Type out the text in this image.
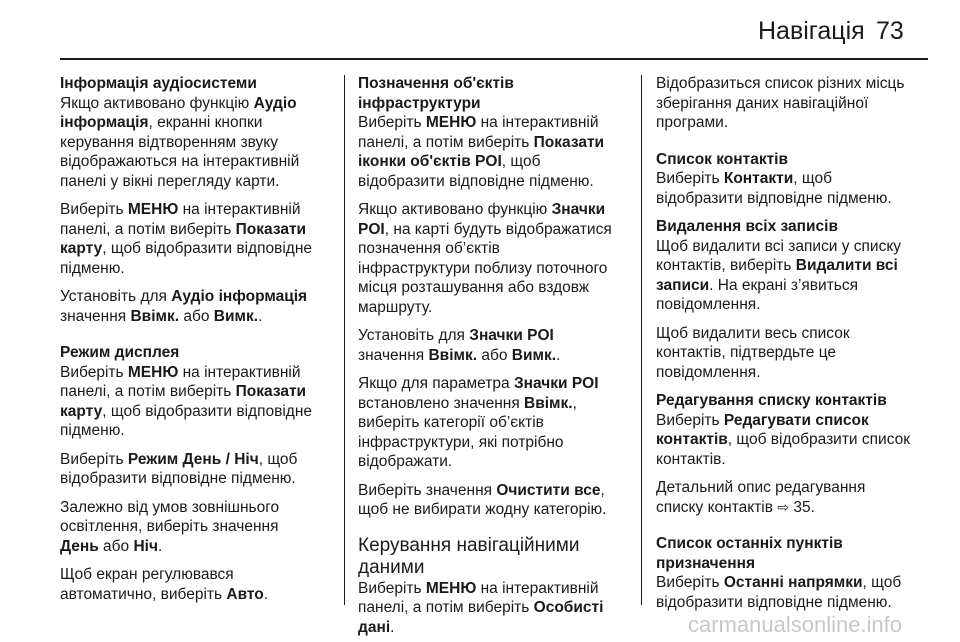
Навігація 73
Інформація аудіосистеми
Якщо активовано функцію Аудіо
інформація, екранні кнопки
керування відтворенням звуку
відображаються на інтерактивній
панелі у вікні перегляду карти.
Виберіть МЕНЮ на інтерактивній
панелі, а потім виберіть Показати
карту, щоб відобразити відповідне
підменю.
Установіть для Аудіо інформація
значення Ввімк. або Вимк..
Режим дисплея
Виберіть МЕНЮ на інтерактивній
панелі, а потім виберіть Показати
карту, щоб відобразити відповідне
підменю.
Виберіть Режим День / Ніч, щоб
відобразити відповідне підменю.
Залежно від умов зовнішнього
освітлення, виберіть значення
День або Ніч.
Щоб екран регулювався
автоматично, виберіть Авто.
Позначення об'єктів
інфраструктури
Виберіть МЕНЮ на інтерактивній
панелі, а потім виберіть Показати
іконки об'єктів POI, щоб
відобразити відповідне підменю.
Якщо активовано функцію Значки
POI, на карті будуть відображатися
позначення об’єктів
інфраструктури поблизу поточного
місця розташування або вздовж
маршруту.
Установіть для Значки POI
значення Ввімк. або Вимк..
Якщо для параметра Значки POI
встановлено значення Ввімк.,
виберіть категорії об’єктів
інфраструктури, які потрібно
відображати.
Виберіть значення Очистити все,
щоб не вибирати жодну категорію.
Керування навігаційними
даними
Виберіть МЕНЮ на інтерактивній
панелі, а потім виберіть Особисті
дані.
Відобразиться список різних місць
зберігання даних навігаційної
програми.
Список контактів
Виберіть Контакти, щоб
відобразити відповідне підменю.
Видалення всіх записів
Щоб видалити всі записи у списку
контактів, виберіть Видалити всі
записи. На екрані з’явиться
повідомлення.
Щоб видалити весь список
контактів, підтвердьте це
повідомлення.
Редагування списку контактів
Виберіть Редагувати список
контактів, щоб відобразити список
контактів.
Детальний опис редагування
списку контактів ⇨ 35.
Список останніх пунктів
призначення
Виберіть Останні напрямки, щоб
відобразити відповідне підменю.
carmanualsonline.info
